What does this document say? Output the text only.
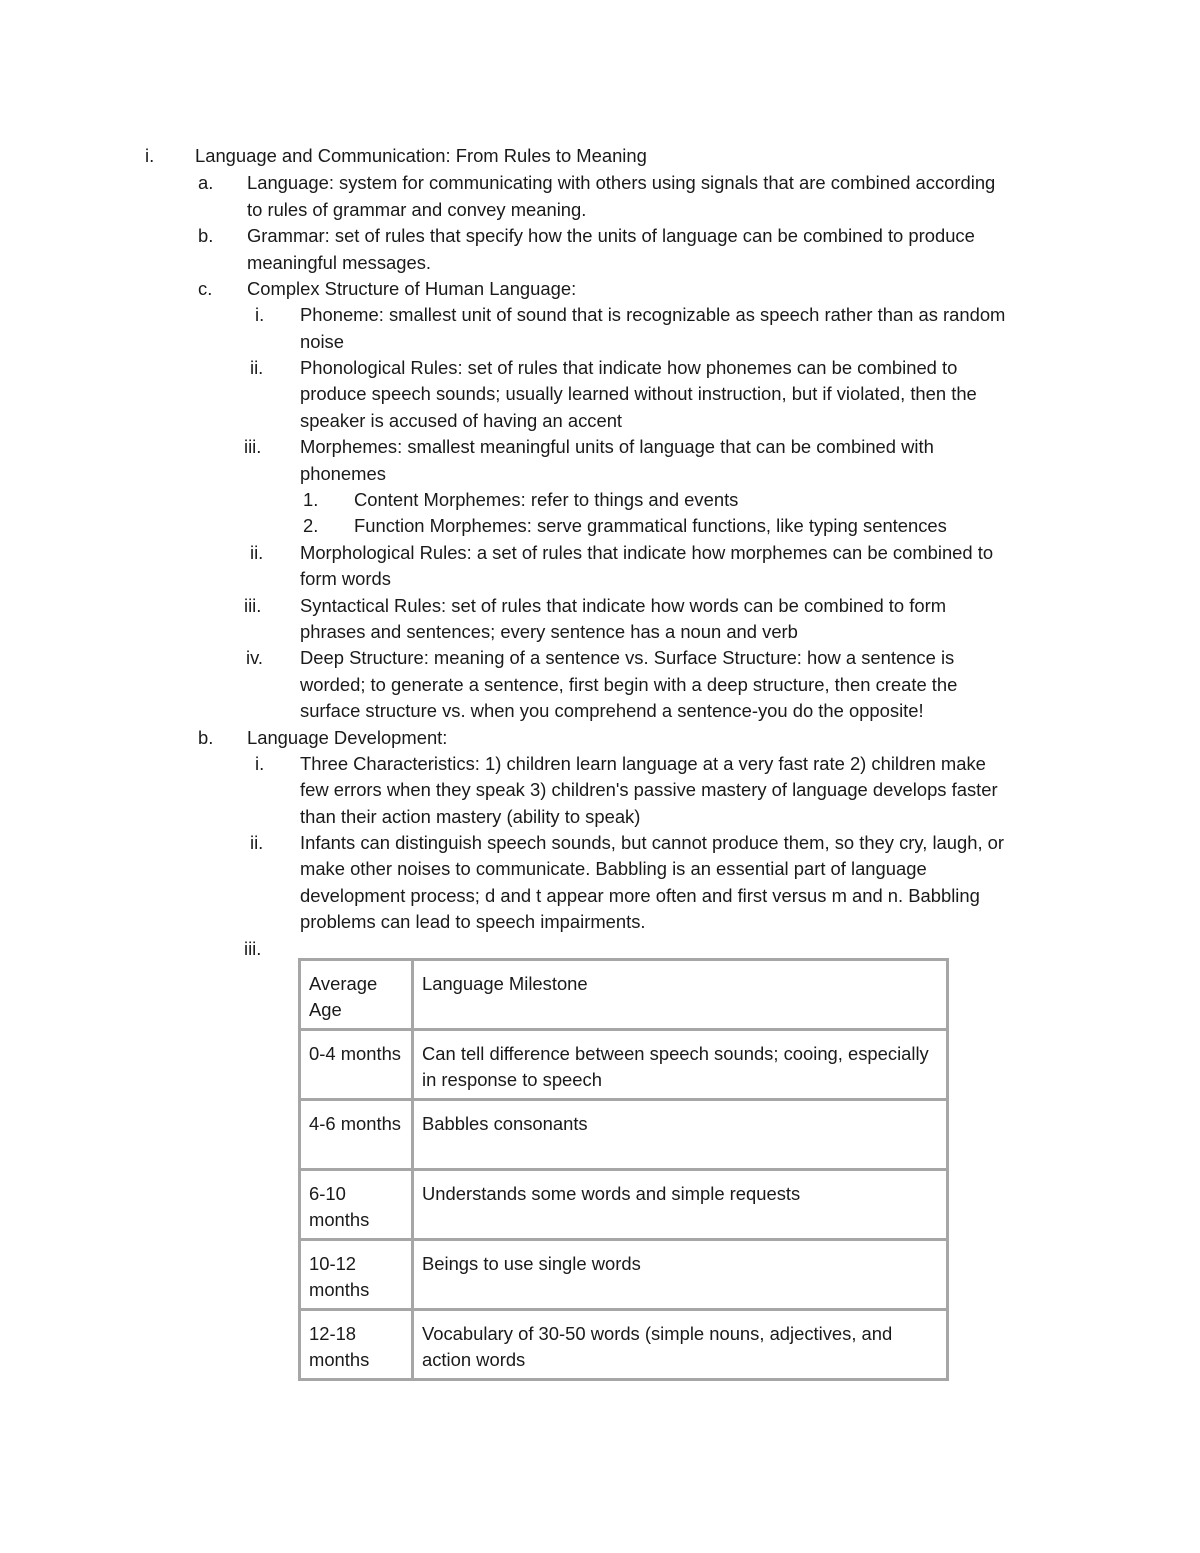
i. Language and Communication: From Rules to Meaning
a. Language: system for communicating with others using signals that are combined according
to rules of grammar and convey meaning.
b. Grammar: set of rules that specify how the units of language can be combined to produce
meaningful messages.
c. Complex Structure of Human Language:
i. Phoneme: smallest unit of sound that is recognizable as speech rather than as random
noise
ii. Phonological Rules: set of rules that indicate how phonemes can be combined to
produce speech sounds; usually learned without instruction, but if violated, then the
speaker is accused of having an accent
iii. Morphemes: smallest meaningful units of language that can be combined with
phonemes
1. Content Morphemes: refer to things and events
2. Function Morphemes: serve grammatical functions, like typing sentences
ii. Morphological Rules: a set of rules that indicate how morphemes can be combined to
form words
iii. Syntactical Rules: set of rules that indicate how words can be combined to form
phrases and sentences; every sentence has a noun and verb
iv. Deep Structure: meaning of a sentence vs. Surface Structure: how a sentence is
worded; to generate a sentence, first begin with a deep structure, then create the
surface structure vs. when you comprehend a sentence-you do the opposite!
b. Language Development:
i. Three Characteristics: 1) children learn language at a very fast rate 2) children make
few errors when they speak 3) children's passive mastery of language develops faster
than their action mastery (ability to speak)
ii. Infants can distinguish speech sounds, but cannot produce them, so they cry, laugh, or
make other noises to communicate. Babbling is an essential part of language
development process; d and t appear more often and first versus m and n. Babbling
problems can lead to speech impairments.
iii.
Average Age	Language Milestone
0-4 months	Can tell difference between speech sounds; cooing, especially in response to speech
4-6 months	Babbles consonants
6-10 months	Understands some words and simple requests
10-12 months	Beings to use single words
12-18 months	Vocabulary of 30-50 words (simple nouns, adjectives, and action words
